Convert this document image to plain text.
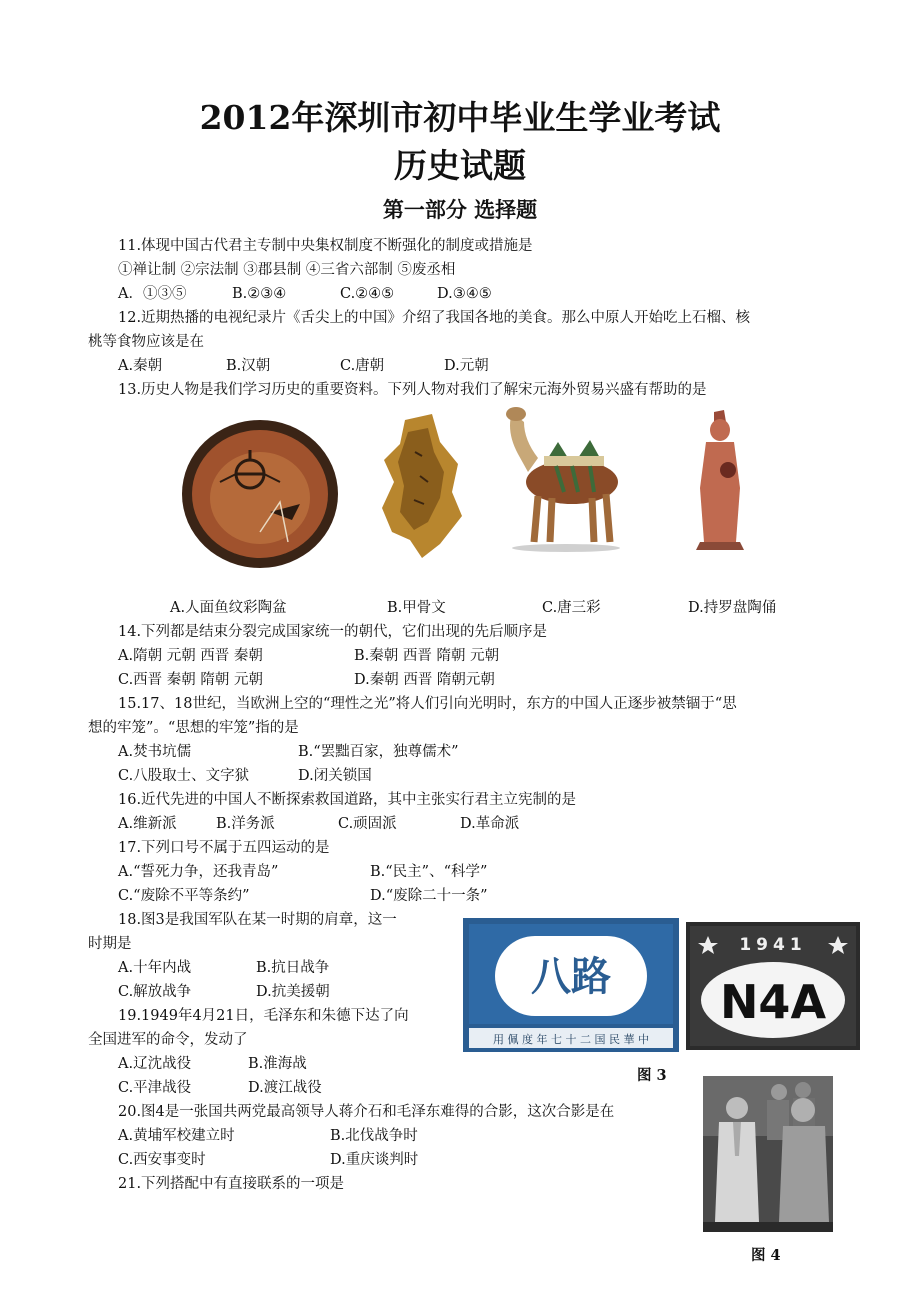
2012年深圳市初中毕业生学业考试
历史试题
第一部分 选择题
11.体现中国古代君主专制中央集权制度不断强化的制度或措施是
①禅让制 ②宗法制 ③郡县制 ④三省六部制 ⑤废丞相
A．①③⑤	B.②③④	C.②④⑤	D.③④⑤
12.近期热播的电视纪录片《舌尖上的中国》介绍了我国各地的美食。那么中原人开始吃上石榴、核
桃等食物应该是在
A.秦朝	B.汉朝	C.唐朝	D.元朝
13.历史人物是我们学习历史的重要资料。下列人物对我们了解宋元海外贸易兴盛有帮助的是
A.人面鱼纹彩陶盆	B.甲骨文	C.唐三彩	D.持罗盘陶俑
14.下列都是结束分裂完成国家统一的朝代，它们出现的先后顺序是
A.隋朝 元朝 西晋 秦朝	B.秦朝 西晋 隋朝 元朝
C.西晋 秦朝 隋朝 元朝	D.秦朝 西晋 隋朝元朝
15.17、18世纪，当欧洲上空的“理性之光”将人们引向光明时，东方的中国人正逐步被禁锢于“思
想的牢笼”。“思想的牢笼”指的是
A.焚书坑儒	B.“罢黜百家，独尊儒术”
C.八股取士、文字狱	D.闭关锁国
16.近代先进的中国人不断探索救国道路，其中主张实行君主立宪制的是
A.维新派	B.洋务派	C.顽固派	D.革命派
17.下列口号不属于五四运动的是
A.“誓死力争，还我青岛”	B.“民主”、“科学”
C.“废除不平等条约”	D.“废除二十一条”
18.图3是我国军队在某一时期的肩章，这一
时期是
A.十年内战	B.抗日战争
C.解放战争	D.抗美援朝	八路
用 佩 度 年 七 十 二 国 民 華 中
1941
N4A
图 3
19.1949年4月21日，毛泽东和朱德下达了向
全国进军的命令，发动了
A.辽沈战役	B.淮海战
C.平津战役	D.渡江战役
20.图4是一张国共两党最高领导人蒋介石和毛泽东难得的合影，这次合影是在
A.黄埔军校建立时	B.北伐战争时
C.西安事变时	D.重庆谈判时
21.下列搭配中有直接联系的一项是
图 4
